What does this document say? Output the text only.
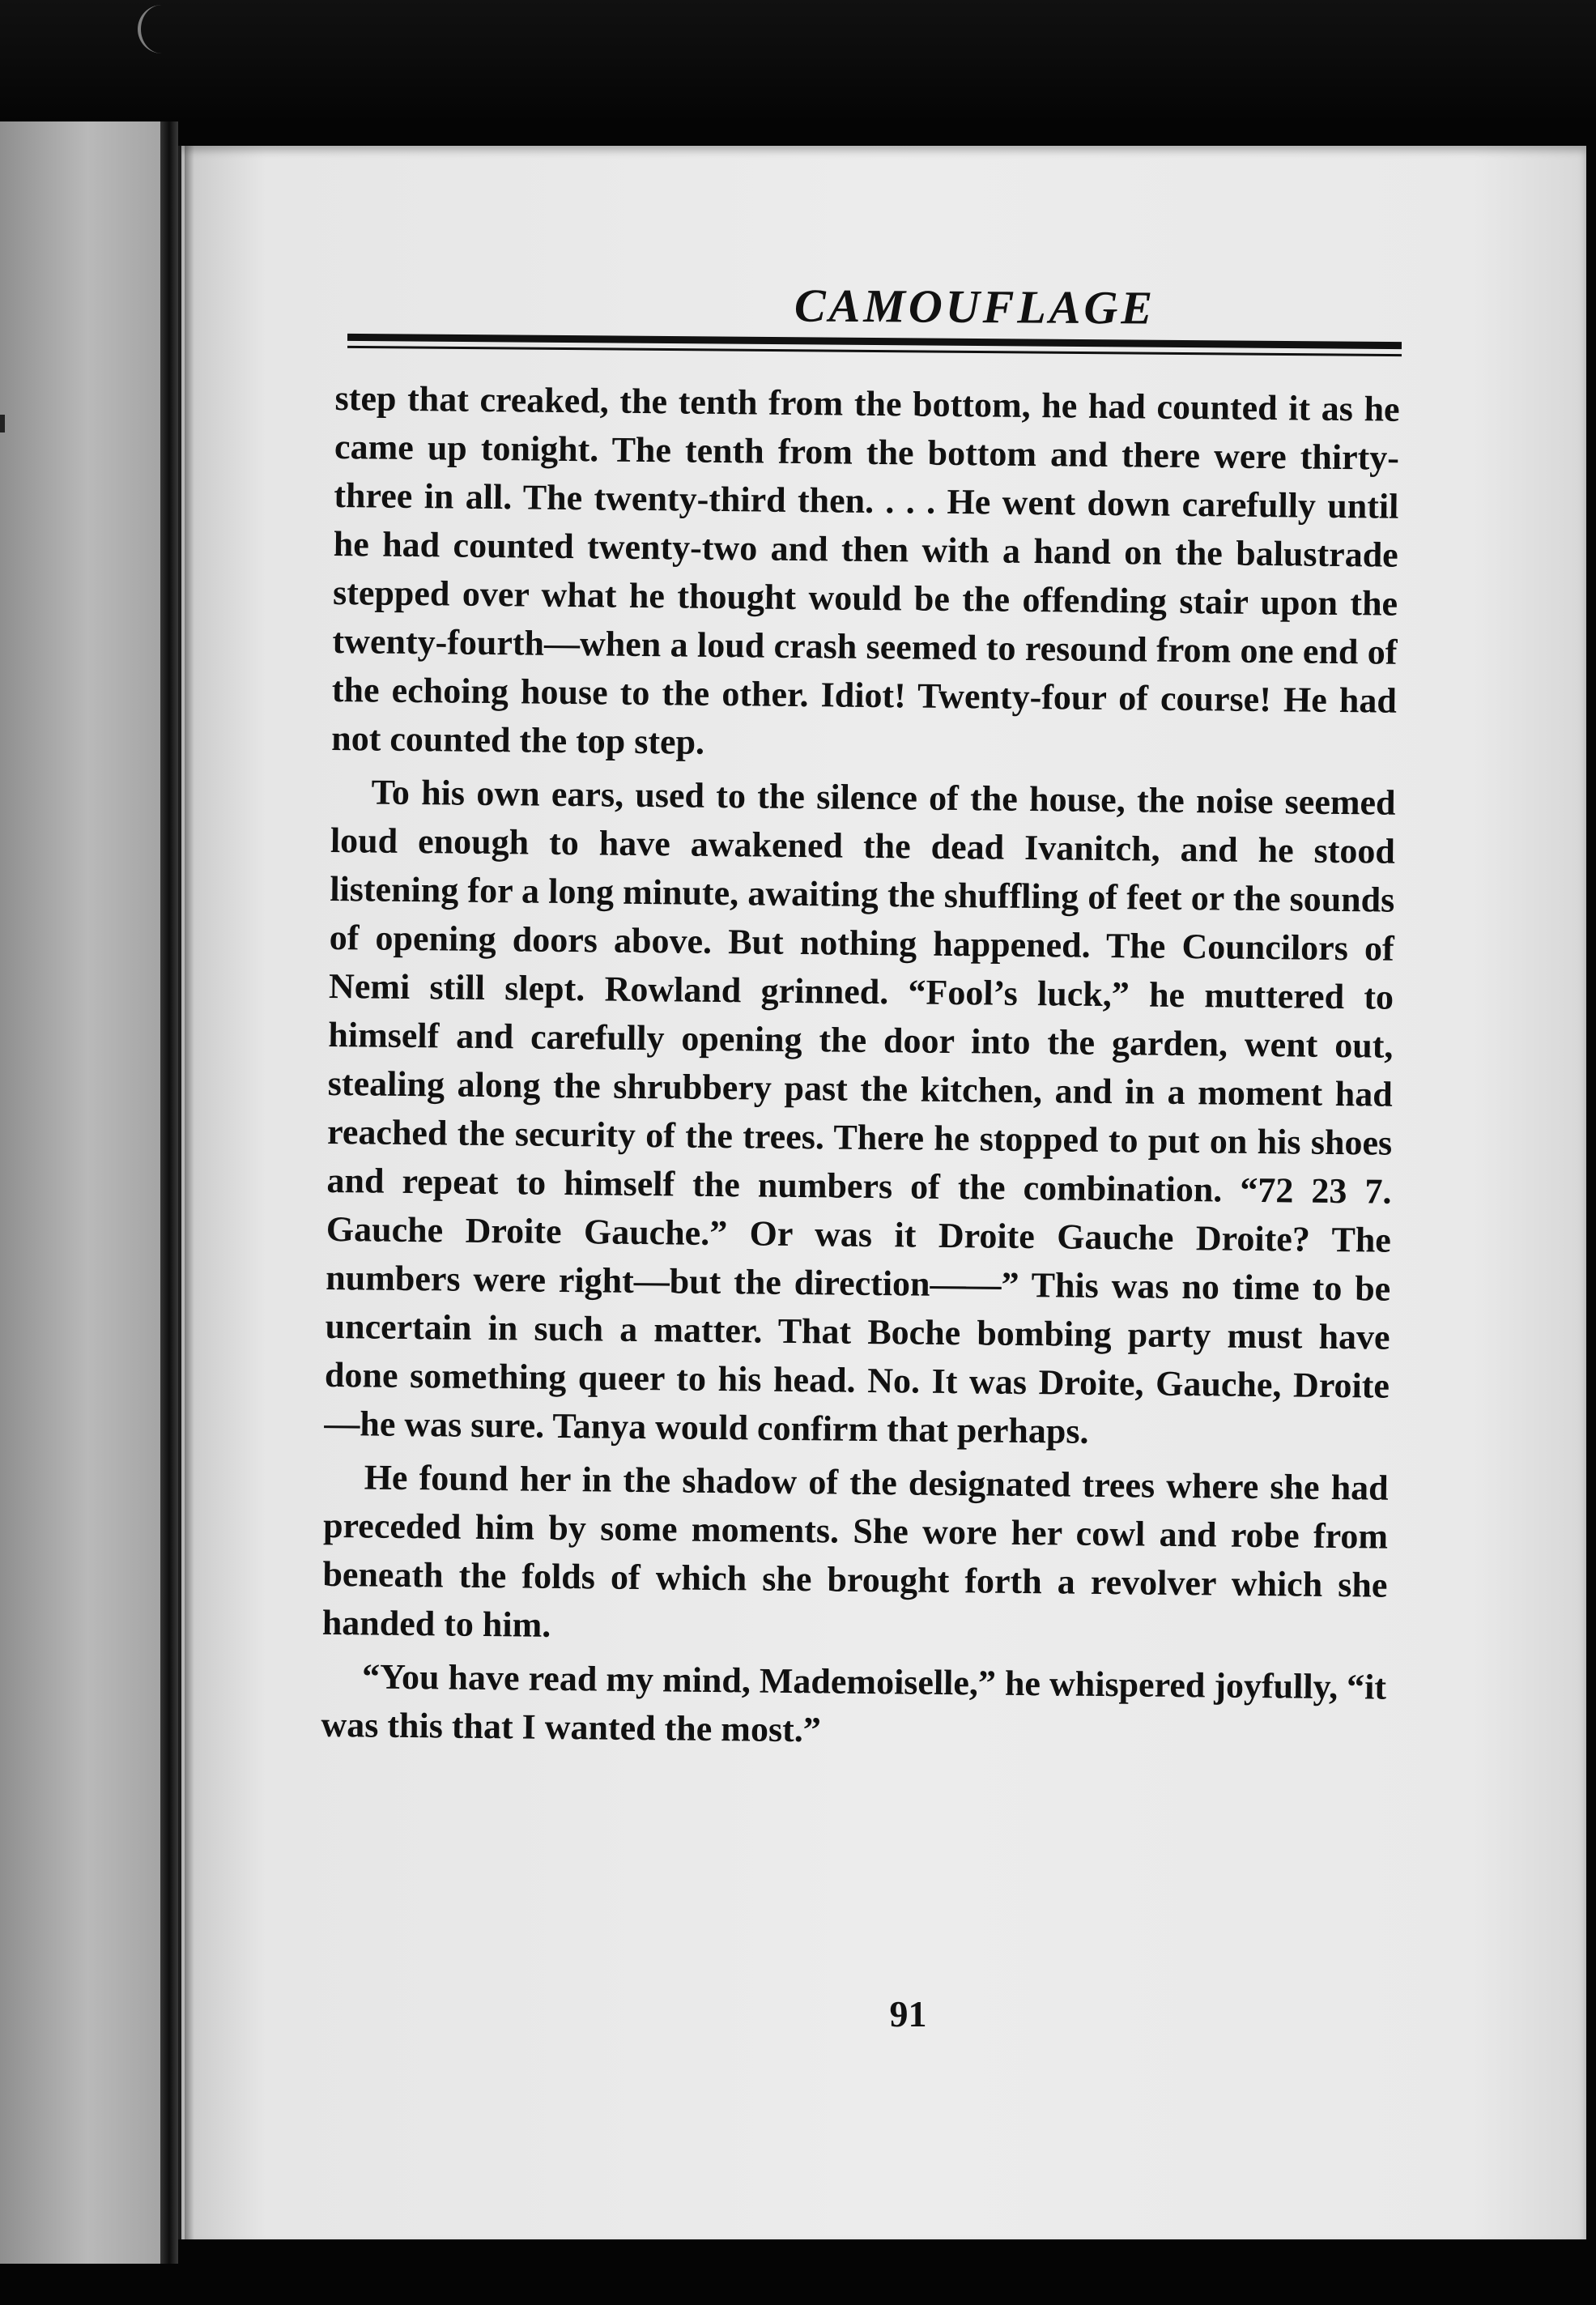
CAMOUFLAGE

step that creaked, the tenth from the bottom, he had counted it as he came up tonight. The tenth from the bottom and there were thirty-three in all. The twenty-third then. . . . He went down carefully until he had counted twenty-two and then with a hand on the balustrade stepped over what he thought would be the offending stair upon the twenty-fourth—when a loud crash seemed to resound from one end of the echoing house to the other. Idiot! Twenty-four of course! He had not counted the top step.

To his own ears, used to the silence of the house, the noise seemed loud enough to have awakened the dead Ivanitch, and he stood listening for a long minute, awaiting the shuffling of feet or the sounds of opening doors above. But nothing happened. The Councilors of Nemi still slept. Rowland grinned. “Fool’s luck,” he muttered to himself and carefully opening the door into the garden, went out, stealing along the shrubbery past the kitchen, and in a moment had reached the security of the trees. There he stopped to put on his shoes and repeat to himself the numbers of the combination. “72 23 7. Gauche Droite Gauche.” Or was it Droite Gauche Droite? The numbers were right—but the direction——” This was no time to be uncertain in such a matter. That Boche bombing party must have done something queer to his head. No. It was Droite, Gauche, Droite—he was sure. Tanya would confirm that perhaps.

He found her in the shadow of the designated trees where she had preceded him by some moments. She wore her cowl and robe from beneath the folds of which she brought forth a revolver which she handed to him.

“You have read my mind, Mademoiselle,” he whispered joyfully, “it was this that I wanted the most.”

91
